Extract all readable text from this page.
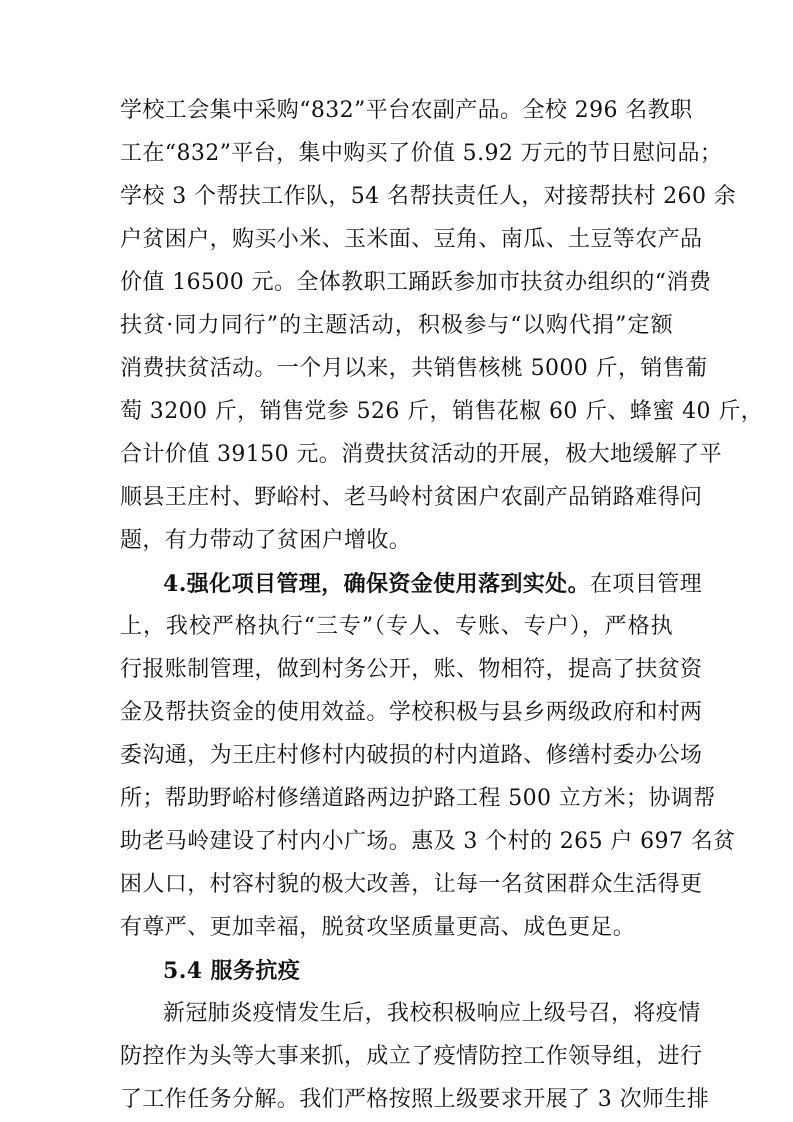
学校工会集中采购“832”平台农副产品。全校 296 名教职
工在“832”平台，集中购买了价值 5.92 万元的节日慰问品；
学校 3 个帮扶工作队，54 名帮扶责任人，对接帮扶村 260 余
户贫困户，购买小米、玉米面、豆角、南瓜、土豆等农产品
价值 16500 元。全体教职工踊跃参加市扶贫办组织的“消费
扶贫·同力同行”的主题活动，积极参与“以购代捐”定额
消费扶贫活动。一个月以来，共销售核桃 5000 斤，销售葡
萄 3200 斤，销售党参 526 斤，销售花椒 60 斤、蜂蜜 40 斤，
合计价值 39150 元。消费扶贫活动的开展，极大地缓解了平
顺县王庄村、野峪村、老马岭村贫困户农副产品销路难得问
题，有力带动了贫困户增收。
4.强化项目管理，确保资金使用落到实处。在项目管理
上，我校严格执行“三专”（专人、专账、专户），严格执
行报账制管理，做到村务公开，账、物相符，提高了扶贫资
金及帮扶资金的使用效益。学校积极与县乡两级政府和村两
委沟通，为王庄村修村内破损的村内道路、修缮村委办公场
所；帮助野峪村修缮道路两边护路工程 500 立方米；协调帮
助老马岭建设了村内小广场。惠及 3 个村的 265 户 697 名贫
困人口，村容村貌的极大改善，让每一名贫困群众生活得更
有尊严、更加幸福，脱贫攻坚质量更高、成色更足。
5.4 服务抗疫
新冠肺炎疫情发生后，我校积极响应上级号召，将疫情
防控作为头等大事来抓，成立了疫情防控工作领导组，进行
了工作任务分解。我们严格按照上级要求开展了 3 次师生排
